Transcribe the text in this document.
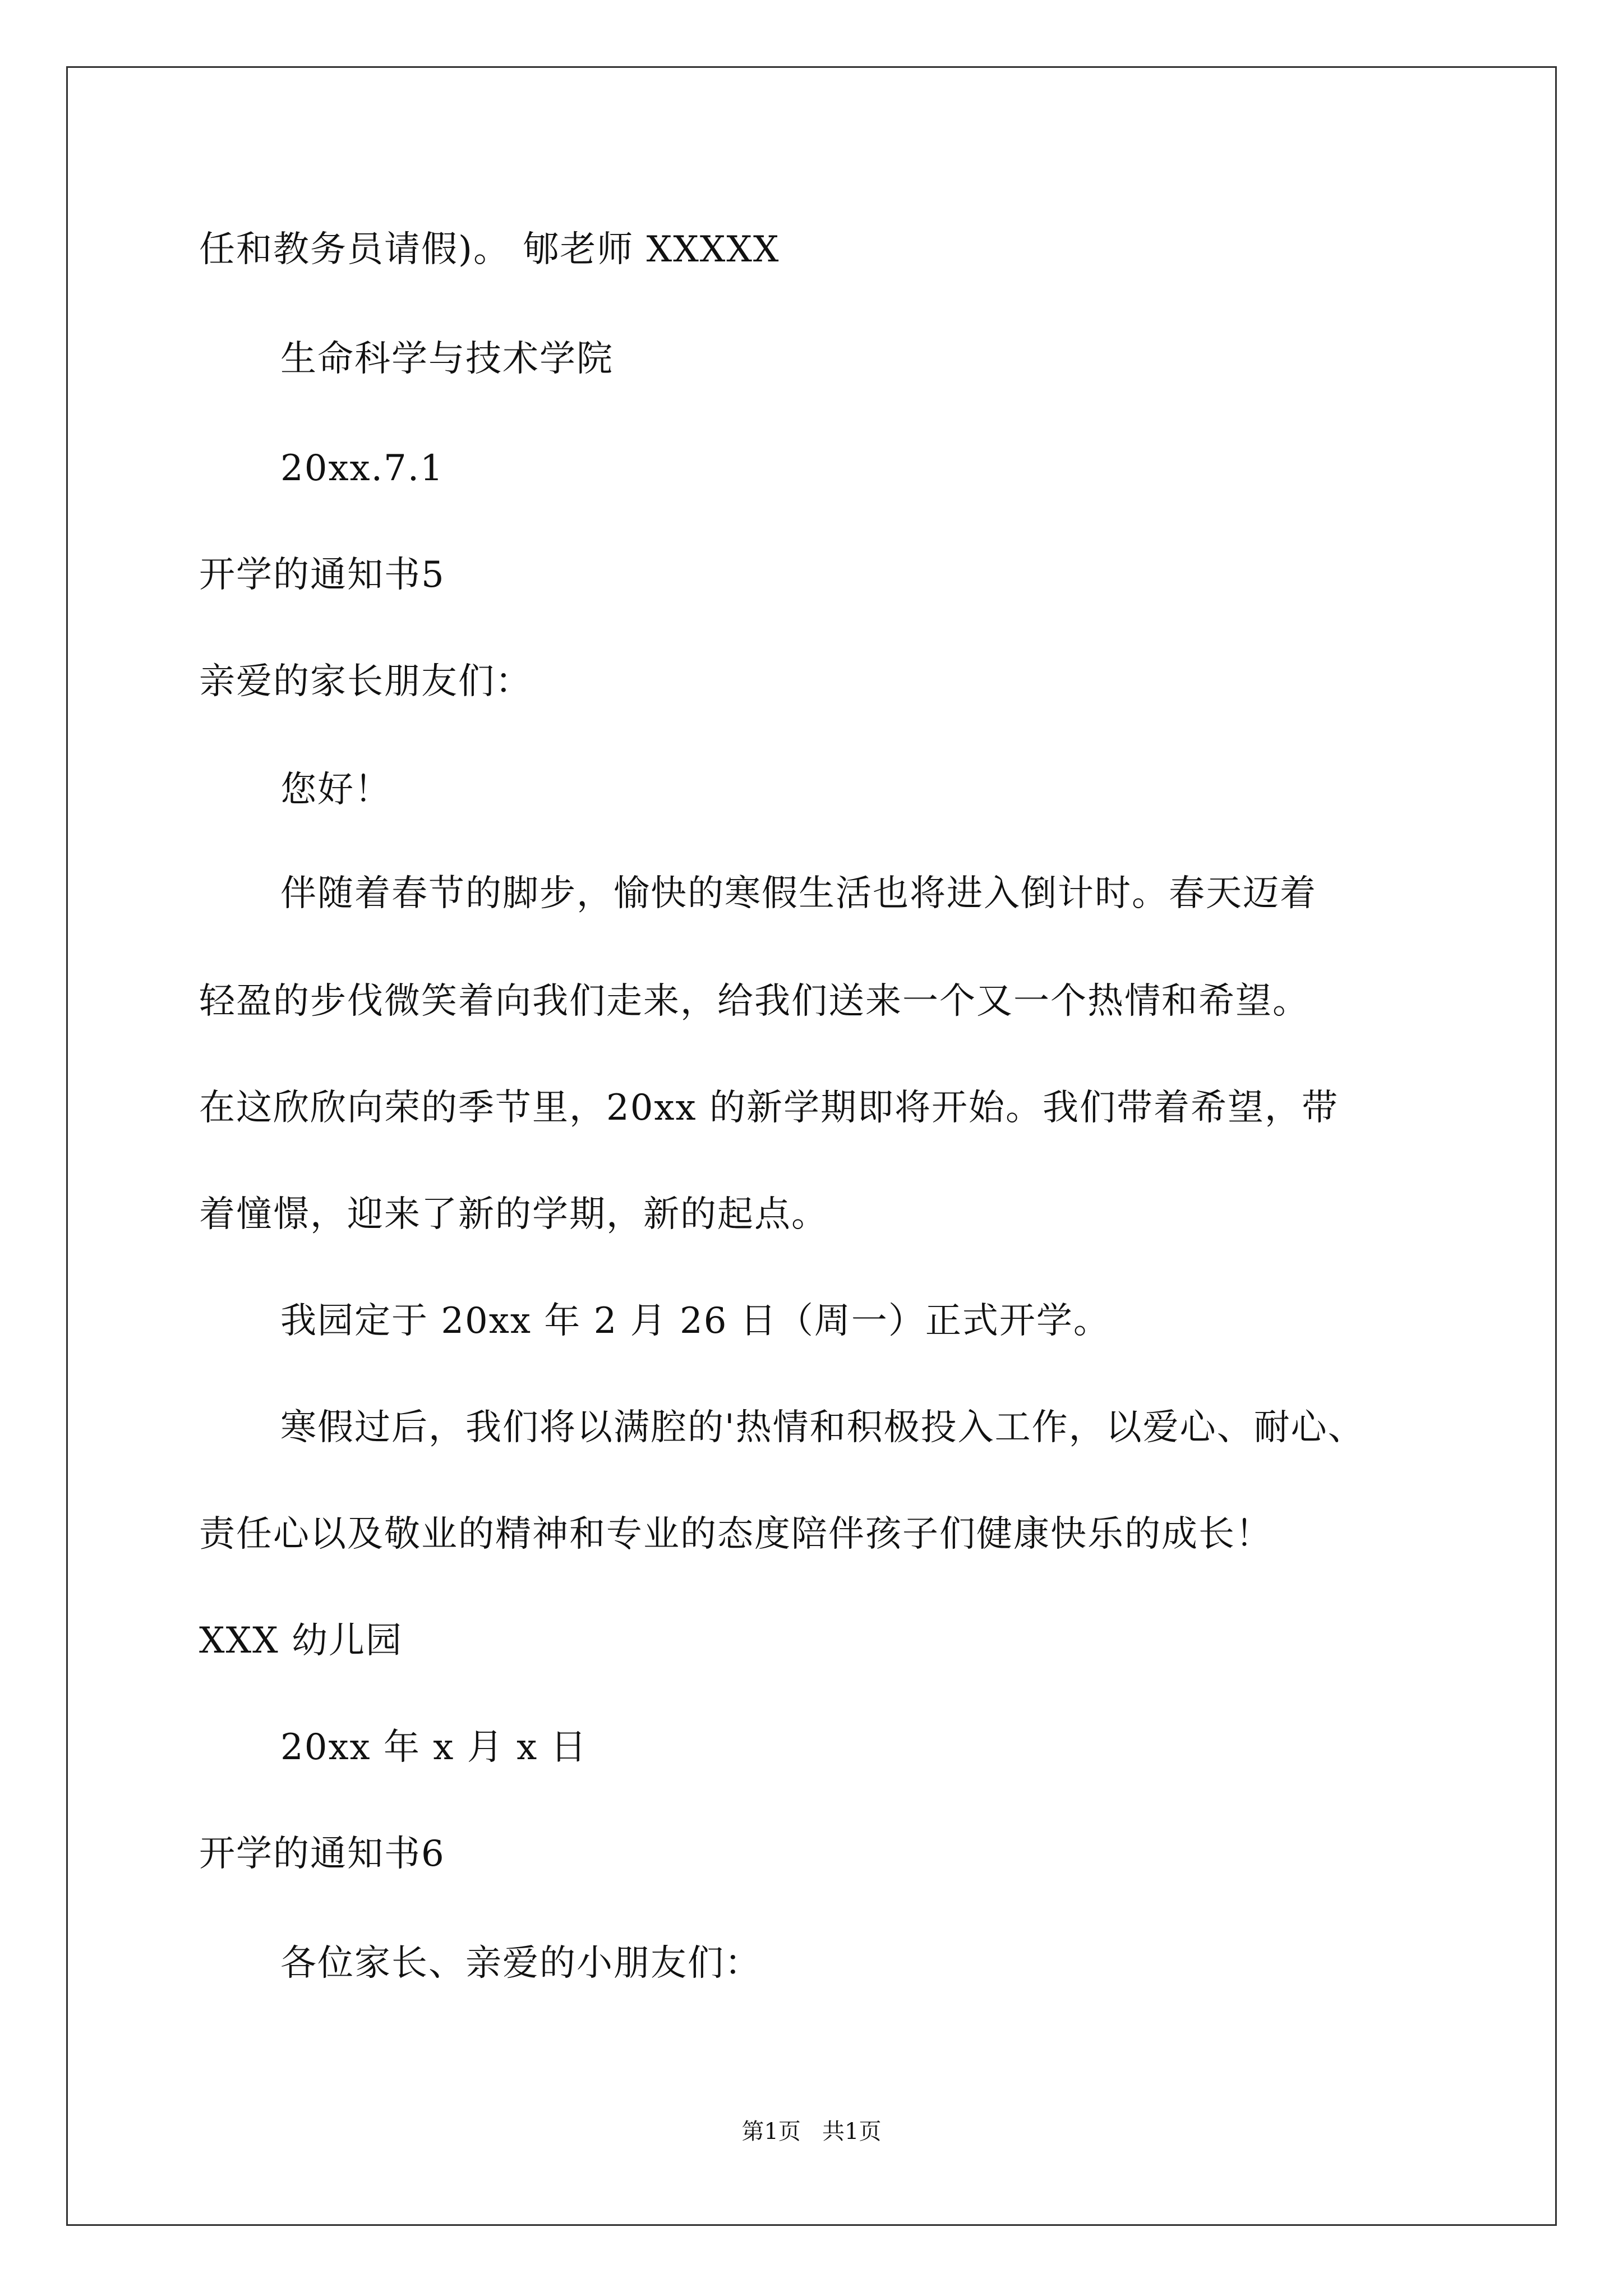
任和教务员请假)。 郇老师 XXXXX
生命科学与技术学院
20xx.7.1
开学的通知书5
亲爱的家长朋友们：
您好！
伴随着春节的脚步，愉快的寒假生活也将进入倒计时。春天迈着
轻盈的步伐微笑着向我们走来，给我们送来一个又一个热情和希望。
在这欣欣向荣的季节里，20xx 的新学期即将开始。我们带着希望，带
着憧憬，迎来了新的学期，新的起点。
我园定于 20xx 年 2 月 26 日（周一）正式开学。
寒假过后，我们将以满腔的'热情和积极投入工作，以爱心、耐心、
责任心以及敬业的精神和专业的态度陪伴孩子们健康快乐的成长！
XXX 幼儿园
20xx 年 x 月 x 日
开学的通知书6
各位家长、亲爱的小朋友们：
第1页   共1页
